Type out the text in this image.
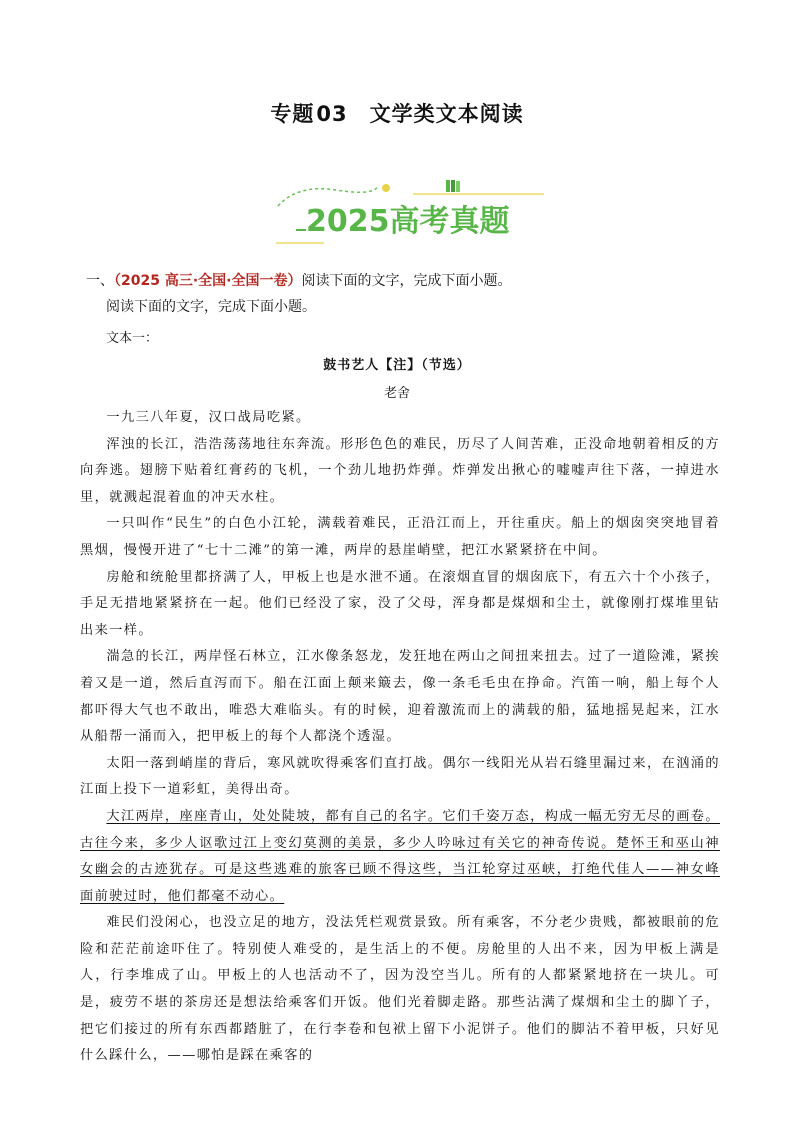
专题03 文学类文本阅读
2025高考真题
一、（2025 高三·全国·全国一卷）阅读下面的文字，完成下面小题。
阅读下面的文字，完成下面小题。
文本一：
鼓书艺人【注】（节选）
老舍

一九三八年夏，汉口战局吃紧。

浑浊的长江，浩浩荡荡地往东奔流。形形色色的难民，历尽了人间苦难，正没命地朝着相反的方向奔逃。翅膀下贴着红膏药的飞机，一个劲儿地扔炸弹。炸弹发出揪心的嘘嘘声往下落，一掉进水里，就溅起混着血的冲天水柱。

一只叫作“民生”的白色小江轮，满载着难民，正沿江而上，开往重庆。船上的烟囱突突地冒着黑烟，慢慢开进了“七十二滩”的第一滩，两岸的悬崖峭壁，把江水紧紧挤在中间。

房舱和统舱里都挤满了人，甲板上也是水泄不通。在滚烟直冒的烟囱底下，有五六十个小孩子，手足无措地紧紧挤在一起。他们已经没了家，没了父母，浑身都是煤烟和尘土，就像刚打煤堆里钻出来一样。

湍急的长江，两岸怪石林立，江水像条怒龙，发狂地在两山之间扭来扭去。过了一道险滩，紧挨着又是一道，然后直泻而下。船在江面上颠来簸去，像一条毛毛虫在挣命。汽笛一响，船上每个人都吓得大气也不敢出，唯恐大难临头。有的时候，迎着激流而上的满载的船，猛地摇晃起来，江水从船帮一涌而入，把甲板上的每个人都浇个透湿。

太阳一落到峭崖的背后，寒风就吹得乘客们直打战。偶尔一线阳光从岩石缝里漏过来，在汹涌的江面上投下一道彩虹，美得出奇。

大江两岸，座座青山，处处陡坡，都有自己的名字。它们千姿万态，构成一幅无穷无尽的画卷。古往今来，多少人讴歌过江上变幻莫测的美景，多少人吟咏过有关它的神奇传说。楚怀王和巫山神女幽会的古迹犹存。可是这些逃难的旅客已顾不得这些，当江轮穿过巫峡，打绝代佳人——神女峰面前驶过时，他们都毫不动心。

难民们没闲心，也没立足的地方，没法凭栏观赏景致。所有乘客，不分老少贵贱，都被眼前的危险和茫茫前途吓住了。特别使人难受的，是生活上的不便。房舱里的人出不来，因为甲板上满是人，行李堆成了山。甲板上的人也活动不了，因为没空当儿。所有的人都紧紧地挤在一块儿。可是，疲劳不堪的茶房还是想法给乘客们开饭。他们光着脚走路。那些沾满了煤烟和尘土的脚丫子，把它们接过的所有东西都踏脏了，在行李卷和包袱上留下小泥饼子。他们的脚沾不着甲板，只好见什么踩什么，——哪怕是踩在乘客的
